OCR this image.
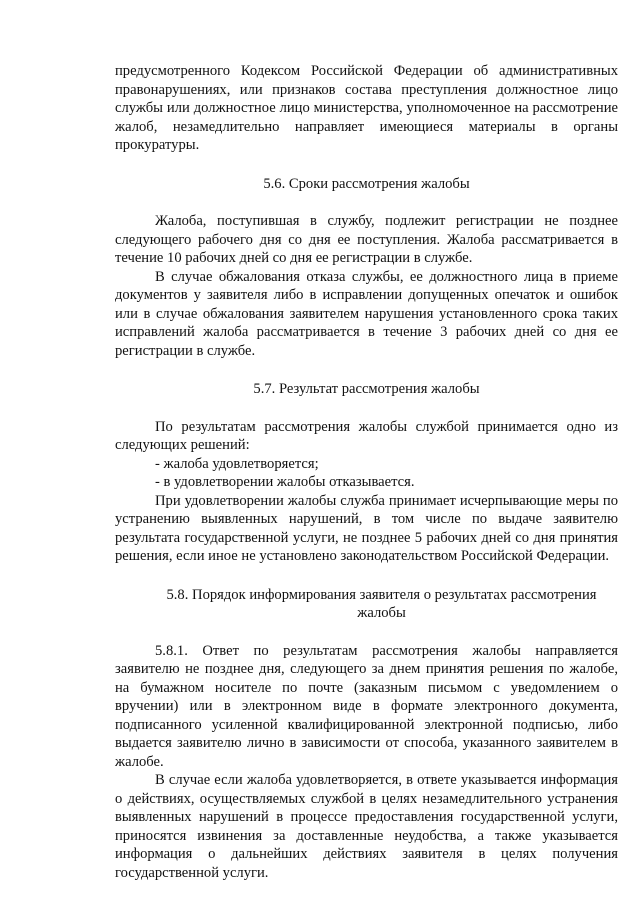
предусмотренного Кодексом Российской Федерации об административных правонарушениях, или признаков состава преступления должностное лицо службы или должностное лицо министерства, уполномоченное на рассмотрение жалоб, незамедлительно направляет имеющиеся материалы в органы прокуратуры.

5.6. Сроки рассмотрения жалобы

Жалоба, поступившая в службу, подлежит регистрации не позднее следующего рабочего дня со дня ее поступления. Жалоба рассматривается в течение 10 рабочих дней со дня ее регистрации в службе.

В случае обжалования отказа службы, ее должностного лица в приеме документов у заявителя либо в исправлении допущенных опечаток и ошибок или в случае обжалования заявителем нарушения установленного срока таких исправлений жалоба рассматривается в течение 3 рабочих дней со дня ее регистрации в службе.

5.7. Результат рассмотрения жалобы

По результатам рассмотрения жалобы службой принимается одно из следующих решений:

- жалоба удовлетворяется;

- в удовлетворении жалобы отказывается.

При удовлетворении жалобы служба принимает исчерпывающие меры по устранению выявленных нарушений, в том числе по выдаче заявителю результата государственной услуги, не позднее 5 рабочих дней со дня принятия решения, если иное не установлено законодательством Российской Федерации.

5.8. Порядок информирования заявителя о результатах рассмотрения жалобы

5.8.1. Ответ по результатам рассмотрения жалобы направляется заявителю не позднее дня, следующего за днем принятия решения по жалобе, на бумажном носителе по почте (заказным письмом с уведомлением о вручении) или в электронном виде в формате электронного документа, подписанного усиленной квалифицированной электронной подписью, либо выдается заявителю лично в зависимости от способа, указанного заявителем в жалобе.

В случае если жалоба удовлетворяется, в ответе указывается информация о действиях, осуществляемых службой в целях незамедлительного устранения выявленных нарушений в процессе предоставления государственной услуги, приносятся извинения за доставленные неудобства, а также указывается информация о дальнейших действиях заявителя в целях получения государственной услуги.
